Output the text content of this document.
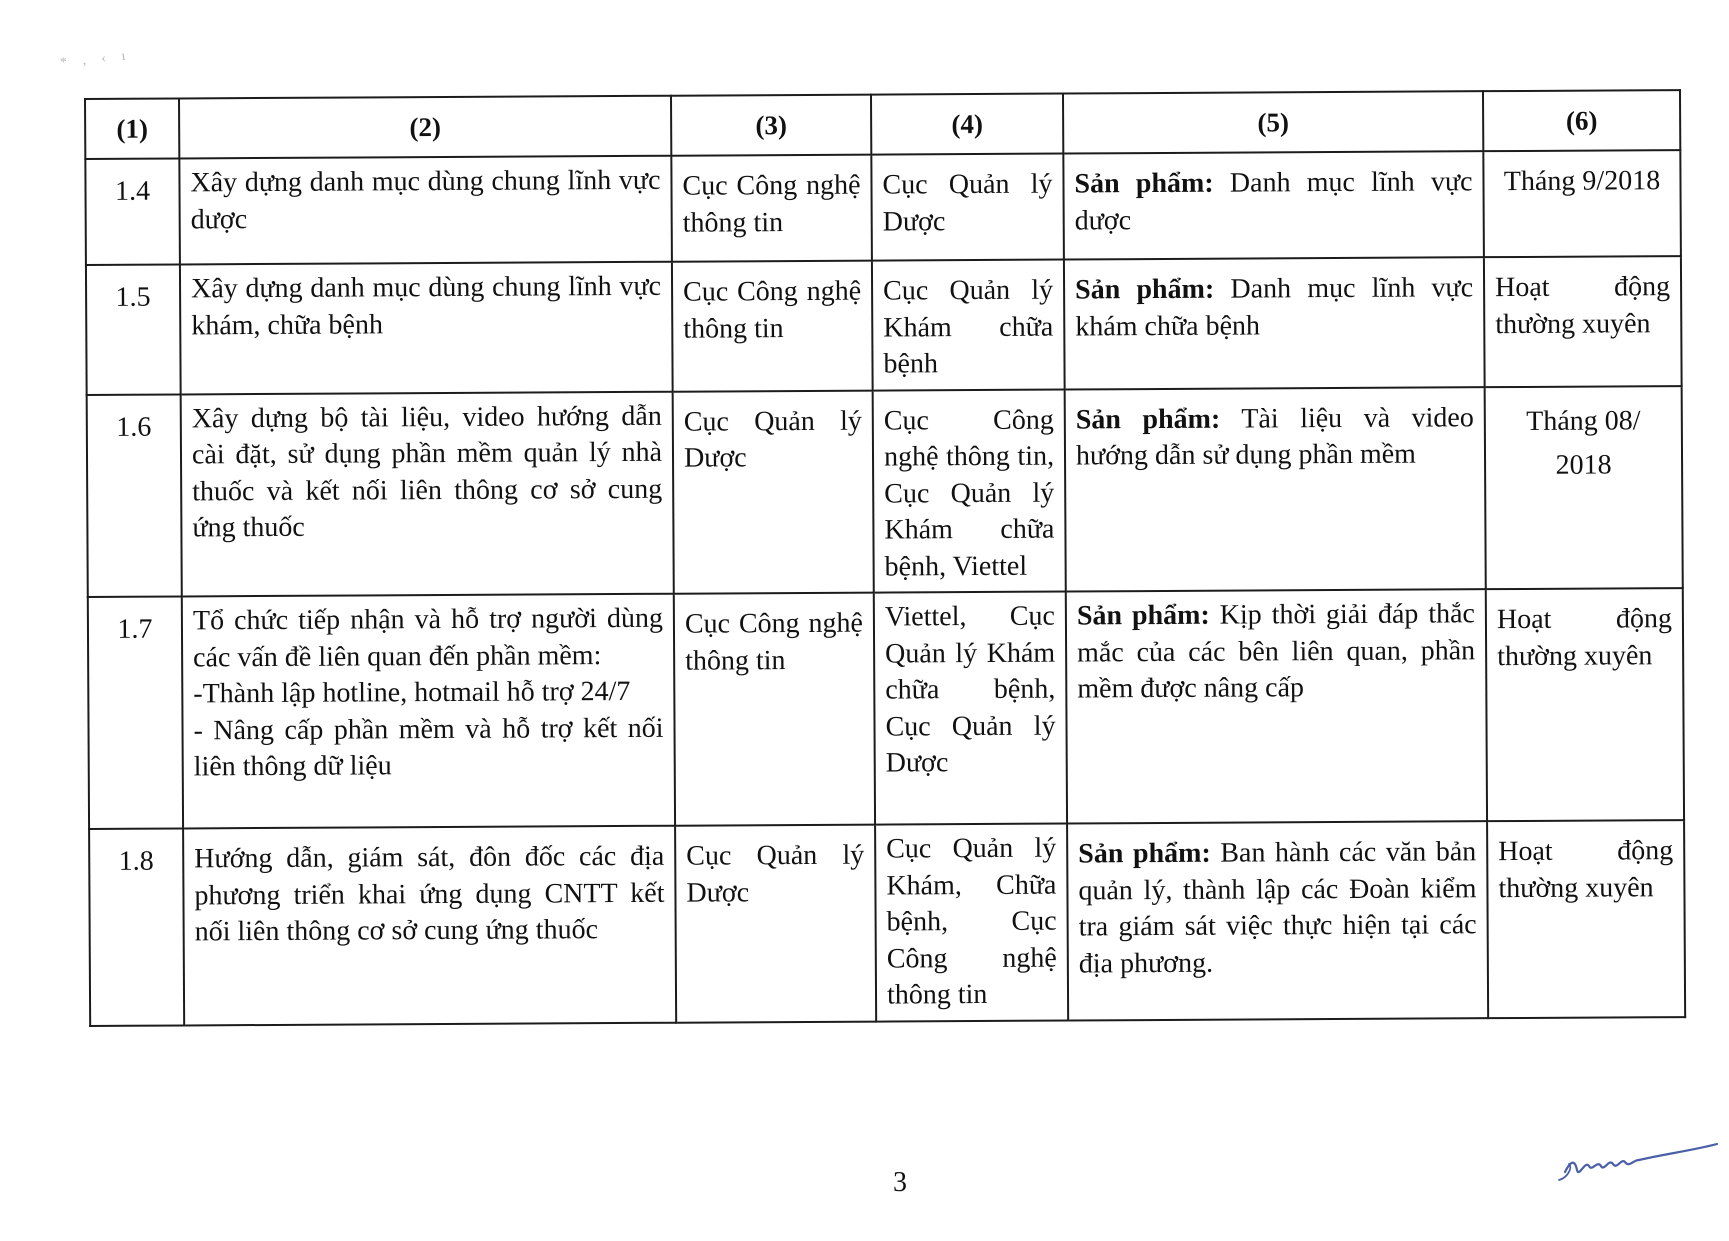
* , ‹ ı
(1)	(2)	(3)	(4)	(5)	(6)
1.4	Xây dựng danh mục dùng chung lĩnh vực dược	Cục Công nghệ thông tin	Cục Quản lý Dược	Sản phẩm: Danh mục lĩnh vực dược	Tháng 9/2018
1.5	Xây dựng danh mục dùng chung lĩnh vực khám, chữa bệnh	Cục Công nghệ thông tin	Cục Quản lý Khám chữa bệnh	Sản phẩm: Danh mục lĩnh vực khám chữa bệnh	Hoạt động thường xuyên
1.6	Xây dựng bộ tài liệu, video hướng dẫn cài đặt, sử dụng phần mềm quản lý nhà thuốc và kết nối liên thông cơ sở cung ứng thuốc	Cục Quản lý Dược	Cục Công nghệ thông tin, Cục Quản lý Khám chữa bệnh, Viettel	Sản phẩm: Tài liệu và video hướng dẫn sử dụng phần mềm	Tháng 08/ 2018
1.7	Tổ chức tiếp nhận và hỗ trợ người dùng các vấn đề liên quan đến phần mềm:
-Thành lập hotline, hotmail hỗ trợ 24/7
- Nâng cấp phần mềm và hỗ trợ kết nối liên thông dữ liệu	Cục Công nghệ thông tin	Viettel, Cục Quản lý Khám chữa bệnh, Cục Quản lý Dược	Sản phẩm: Kịp thời giải đáp thắc mắc của các bên liên quan, phần mềm được nâng cấp	Hoạt động thường xuyên
1.8	Hướng dẫn, giám sát, đôn đốc các địa phương triển khai ứng dụng CNTT kết nối liên thông cơ sở cung ứng thuốc	Cục Quản lý Dược	Cục Quản lý Khám, Chữa bệnh, Cục Công nghệ thông tin	Sản phẩm: Ban hành các văn bản quản lý, thành lập các Đoàn kiểm tra giám sát việc thực hiện tại các địa phương.	Hoạt động thường xuyên
3
